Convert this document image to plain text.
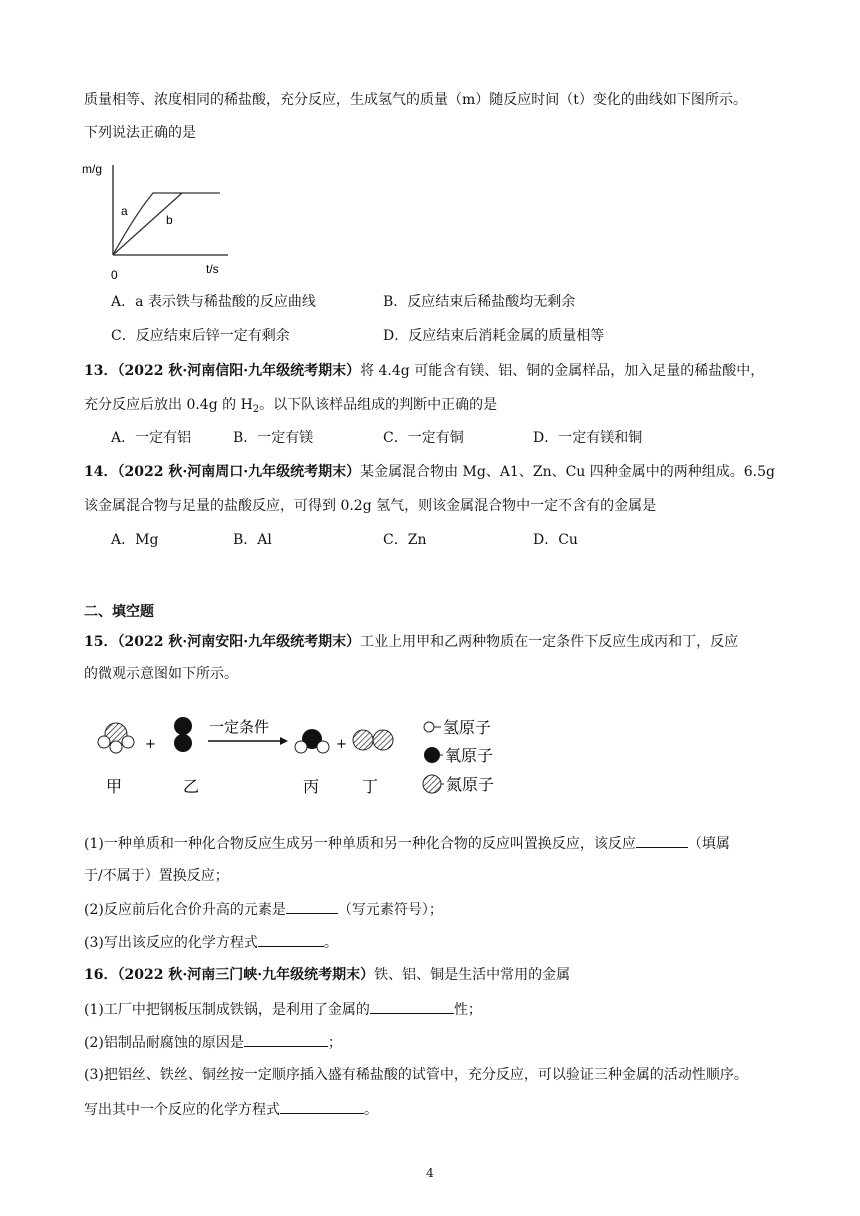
质量相等、浓度相同的稀盐酸，充分反应，生成氢气的质量（m）随反应时间（t）变化的曲线如下图所示。
下列说法正确的是
m/g
a
b
0	t/s
A．a 表示铁与稀盐酸的反应曲线	B．反应结束后稀盐酸均无剩余
C．反应结束后锌一定有剩余	D．反应结束后消耗金属的质量相等
13．（2022 秋·河南信阳·九年级统考期末）将 4.4g 可能含有镁、铝、铜的金属样品，加入足量的稀盐酸中，
充分反应后放出 0.4g 的 $H_2$。以下队该样品组成的判断中正确的是
A．一定有铝	B．一定有镁	C．一定有铜	D．一定有镁和铜
14．（2022 秋·河南周口·九年级统考期末）某金属混合物由 Mg、A1、Zn、Cu 四种金属中的两种组成。6.5g
该金属混合物与足量的盐酸反应，可得到 0.2g 氢气，则该金属混合物中一定不含有的金属是
A．Mg	B．Al	C．Zn	D．Cu
二、填空题
15．（2022 秋·河南安阳·九年级统考期末）工业上用甲和乙两种物质在一定条件下反应生成丙和丁，反应
的微观示意图如下所示。
+
一定条件
+
甲	乙	丙	丁
氢原子
氧原子
氮原子
(1)一种单质和一种化合物反应生成另一种单质和另一种化合物的反应叫置换反应，该反应	（填属
于/不属于）置换反应；
(2)反应前后化合价升高的元素是	（写元素符号）；
(3)写出该反应的化学方程式	。
16．（2022 秋·河南三门峡·九年级统考期末）铁、铝、铜是生活中常用的金属
(1)工厂中把钢板压制成铁锅，是利用了金属的	性；
(2)铝制品耐腐蚀的原因是	；
(3)把铝丝、铁丝、铜丝按一定顺序插入盛有稀盐酸的试管中，充分反应，可以验证三种金属的活动性顺序。
写出其中一个反应的化学方程式	。
4
